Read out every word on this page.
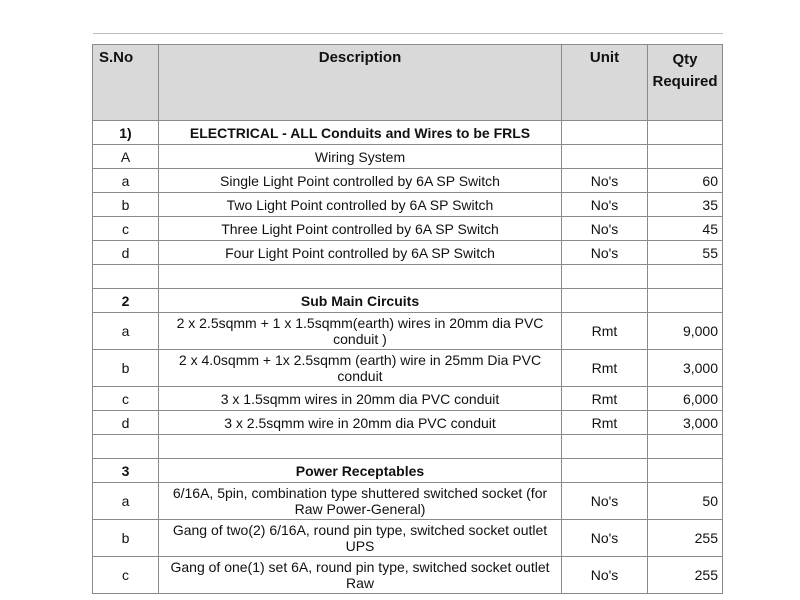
S.No	Description	Unit	Qty
Required
1)	ELECTRICAL - ALL Conduits and Wires to be FRLS		
A	Wiring System		
a	Single Light Point controlled by 6A SP Switch	No's	60
b	Two Light Point controlled by 6A SP Switch	No's	35
c	Three Light Point controlled by 6A SP Switch	No's	45
d	Four Light Point controlled by 6A SP Switch	No's	55

2	Sub Main Circuits		
a	2 x 2.5sqmm + 1 x 1.5sqmm(earth) wires in 20mm dia PVC conduit )	Rmt	9,000
b	2 x 4.0sqmm + 1x 2.5sqmm (earth) wire in 25mm Dia PVC conduit	Rmt	3,000
c	3 x 1.5sqmm wires in 20mm dia PVC conduit	Rmt	6,000
d	3 x 2.5sqmm wire in 20mm dia PVC conduit	Rmt	3,000

3	Power Receptables		
a	6/16A, 5pin, combination type shuttered switched socket (for Raw Power-General)	No's	50
b	Gang of two(2) 6/16A, round pin type, switched socket outlet UPS	No's	255
c	Gang of one(1) set 6A, round pin type, switched socket outlet Raw	No's	255
